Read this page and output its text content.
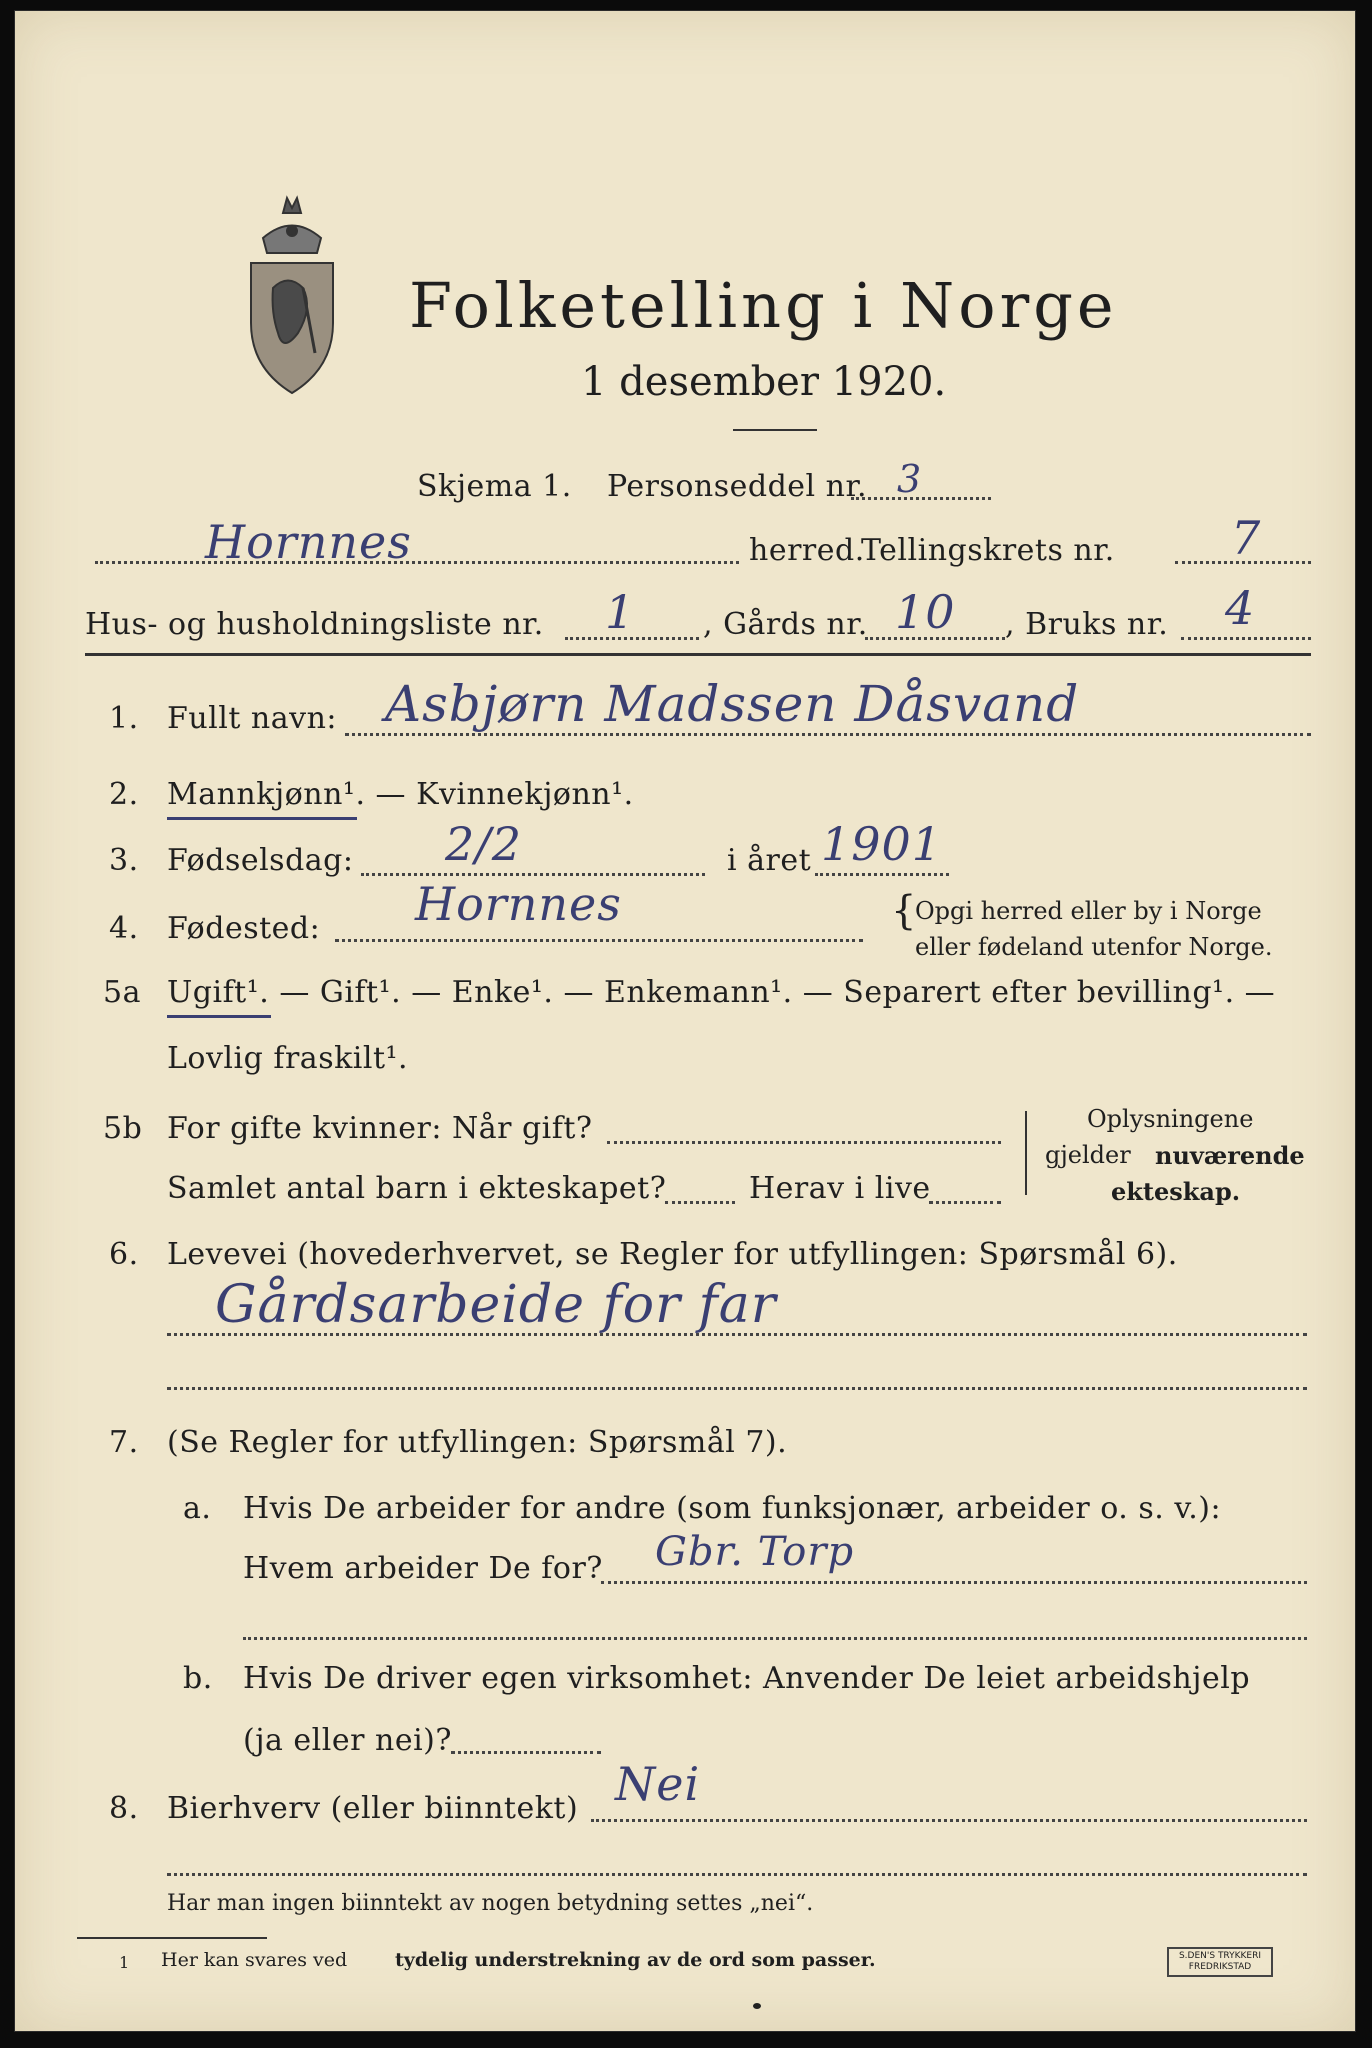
Folketelling i Norge
1 desember 1920.
Skjema 1. Personseddel nr. 3
Hornnes	herred.
Tellingskrets nr.	7
Hus- og husholdningsliste nr. 1 , Gårds nr. 10 , Bruks nr. 4
1. Fullt navn: Asbjørn Madssen Dåsvand
2. Mannkjønn¹. — Kvinnekjønn¹.
3. Fødselsdag: 2/2	i året 1901
4. Fødested: Hornnes	{
Opgi herred eller by i Norge
eller fødeland utenfor Norge.
5a Ugift¹. — Gift¹. — Enke¹. — Enkemann¹. — Separert efter bevilling¹. —
Lovlig fraskilt¹.
5b For gifte kvinner: Når gift?
Samlet antal barn i ekteskapet?	Herav i live
Oplysningene
gjelder nuværende
ekteskap.
6. Levevei (hovederhvervet, se Regler for utfyllingen: Spørsmål 6).
Gårdsarbeide for far
7. (Se Regler for utfyllingen: Spørsmål 7).
a. Hvis De arbeider for andre (som funksjonær, arbeider o. s. v.):
Hvem arbeider De for? Gbr. Torp
b. Hvis De driver egen virksomhet: Anvender De leiet arbeidshjelp
(ja eller nei)?
8. Bierhverv (eller biinntekt) Nei
Har man ingen biinntekt av nogen betydning settes „nei“.
1 Her kan svares ved	tydelig understrekning av de ord som passer.	S.DEN'S TRYKKERI FREDRIKSTAD
